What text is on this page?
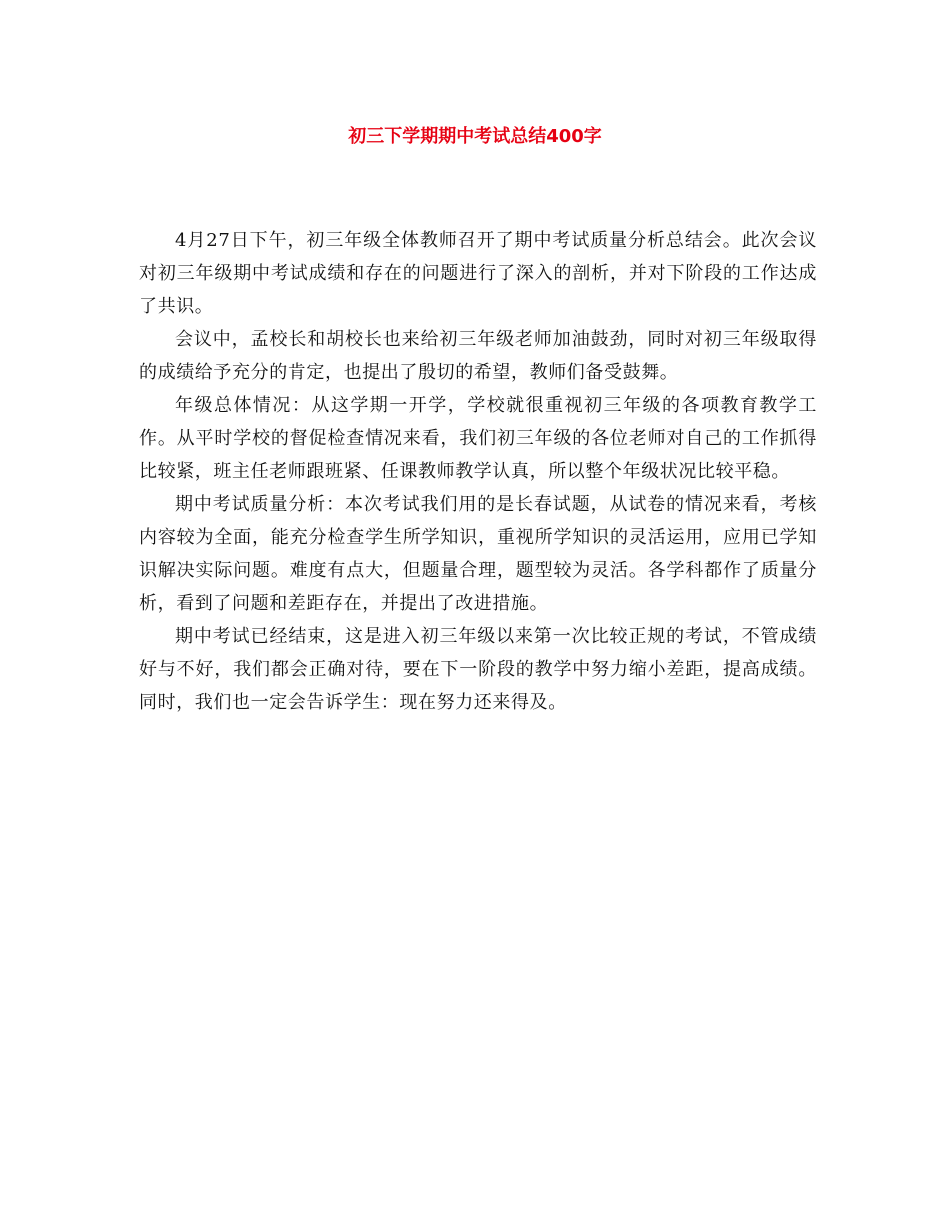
初三下学期期中考试总结400字

4月27日下午，初三年级全体教师召开了期中考试质量分析总结会。此次会议对初三年级期中考试成绩和存在的问题进行了深入的剖析，并对下阶段的工作达成了共识。

会议中，孟校长和胡校长也来给初三年级老师加油鼓劲，同时对初三年级取得的成绩给予充分的肯定，也提出了殷切的希望，教师们备受鼓舞。

年级总体情况：从这学期一开学，学校就很重视初三年级的各项教育教学工作。从平时学校的督促检查情况来看，我们初三年级的各位老师对自己的工作抓得比较紧，班主任老师跟班紧、任课教师教学认真，所以整个年级状况比较平稳。

期中考试质量分析：本次考试我们用的是长春试题，从试卷的情况来看，考核内容较为全面，能充分检查学生所学知识，重视所学知识的灵活运用，应用已学知识解决实际问题。难度有点大，但题量合理，题型较为灵活。各学科都作了质量分析，看到了问题和差距存在，并提出了改进措施。

期中考试已经结束，这是进入初三年级以来第一次比较正规的考试，不管成绩好与不好，我们都会正确对待，要在下一阶段的教学中努力缩小差距，提高成绩。同时，我们也一定会告诉学生：现在努力还来得及。
